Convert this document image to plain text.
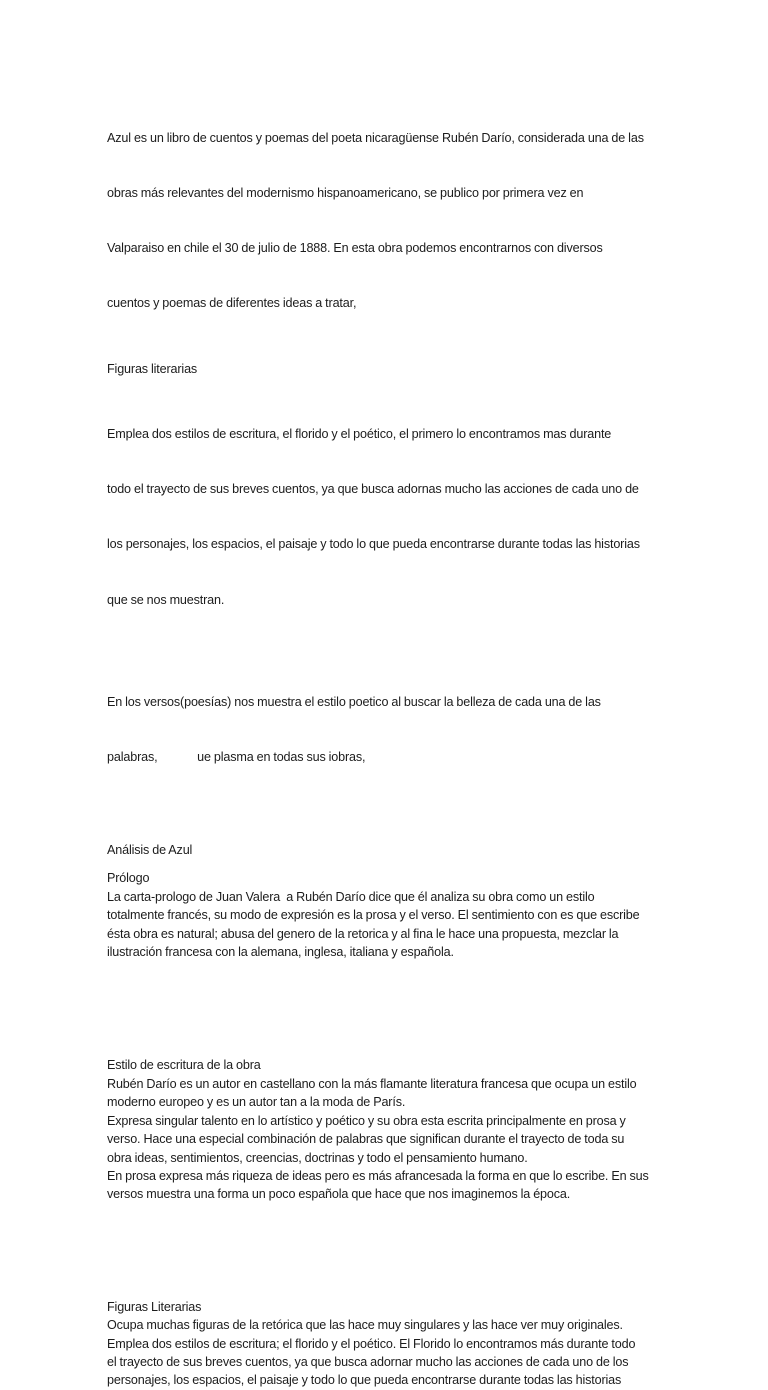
Azul es un libro de cuentos y poemas del poeta nicaragüense Rubén Darío, considerada una de las

obras más relevantes del modernismo hispanoamericano, se publico por primera vez en

Valparaiso en chile el 30 de julio de 1888. En esta obra podemos encontrarnos con diversos

cuentos y poemas de diferentes ideas a tratar,

Figuras literarias

Emplea dos estilos de escritura, el florido y el poético, el primero lo encontramos mas durante

todo el trayecto de sus breves cuentos, ya que busca adornas mucho las acciones de cada uno de

los personajes, los espacios, el paisaje y todo lo que pueda encontrarse durante todas las historias

que se nos muestran.

En los versos(poesías) nos muestra el estilo poetico al buscar la belleza de cada una de las

palabras,             ue plasma en todas sus iobras,

Análisis de Azul
Prólogo
La carta-prologo de Juan Valera  a Rubén Darío dice que él analiza su obra como un estilo
totalmente francés, su modo de expresión es la prosa y el verso. El sentimiento con es que escribe
ésta obra es natural; abusa del genero de la retorica y al fina le hace una propuesta, mezclar la
ilustración francesa con la alemana, inglesa, italiana y española.
Estilo de escritura de la obra
Rubén Darío es un autor en castellano con la más flamante literatura francesa que ocupa un estilo
moderno europeo y es un autor tan a la moda de París.
Expresa singular talento en lo artístico y poético y su obra esta escrita principalmente en prosa y
verso. Hace una especial combinación de palabras que significan durante el trayecto de toda su
obra ideas, sentimientos, creencias, doctrinas y todo el pensamiento humano.
En prosa expresa más riqueza de ideas pero es más afrancesada la forma en que lo escribe. En sus
versos muestra una forma un poco española que hace que nos imaginemos la época.
Figuras Literarias
Ocupa muchas figuras de la retórica que las hace muy singulares y las hace ver muy originales.
Emplea dos estilos de escritura; el florido y el poético. El Florido lo encontramos más durante todo
el trayecto de sus breves cuentos, ya que busca adornar mucho las acciones de cada uno de los
personajes, los espacios, el paisaje y todo lo que pueda encontrarse durante todas las historias
